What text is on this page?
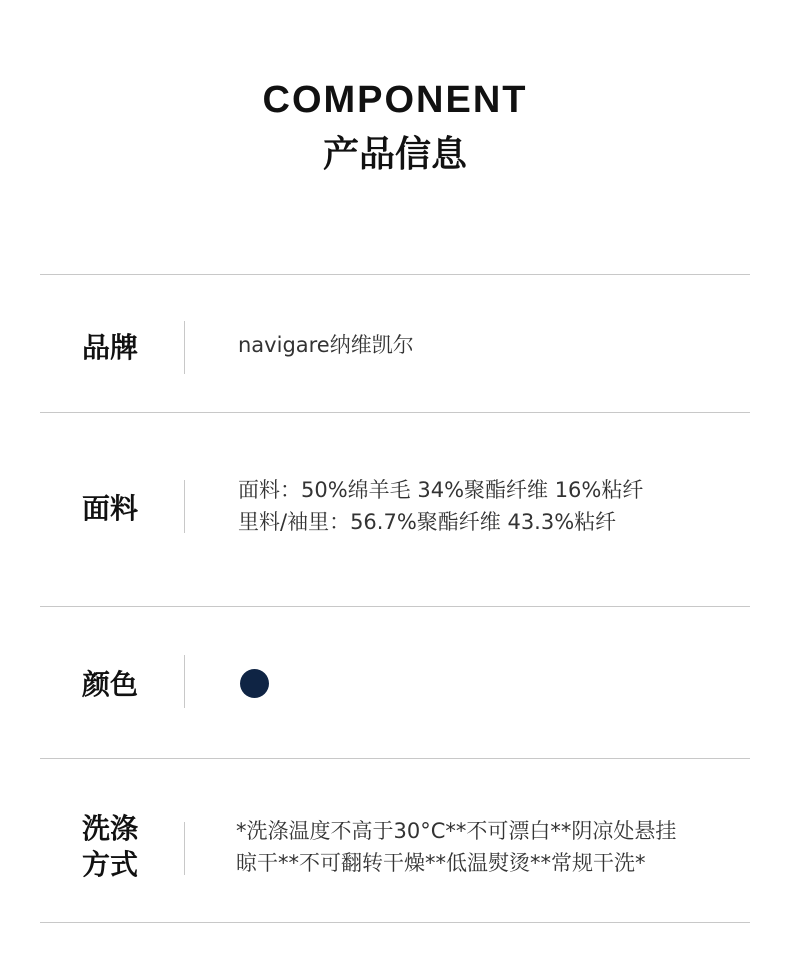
COMPONENT
产品信息
品牌	navigare纳维凯尔
面料
面料：50%绵羊毛 34%聚酯纤维 16%粘纤
里料/袖里：56.7%聚酯纤维 43.3%粘纤
颜色
洗涤
方式
*洗涤温度不高于30°C**不可漂白**阴凉处悬挂
晾干**不可翻转干燥**低温熨烫**常规干洗*
